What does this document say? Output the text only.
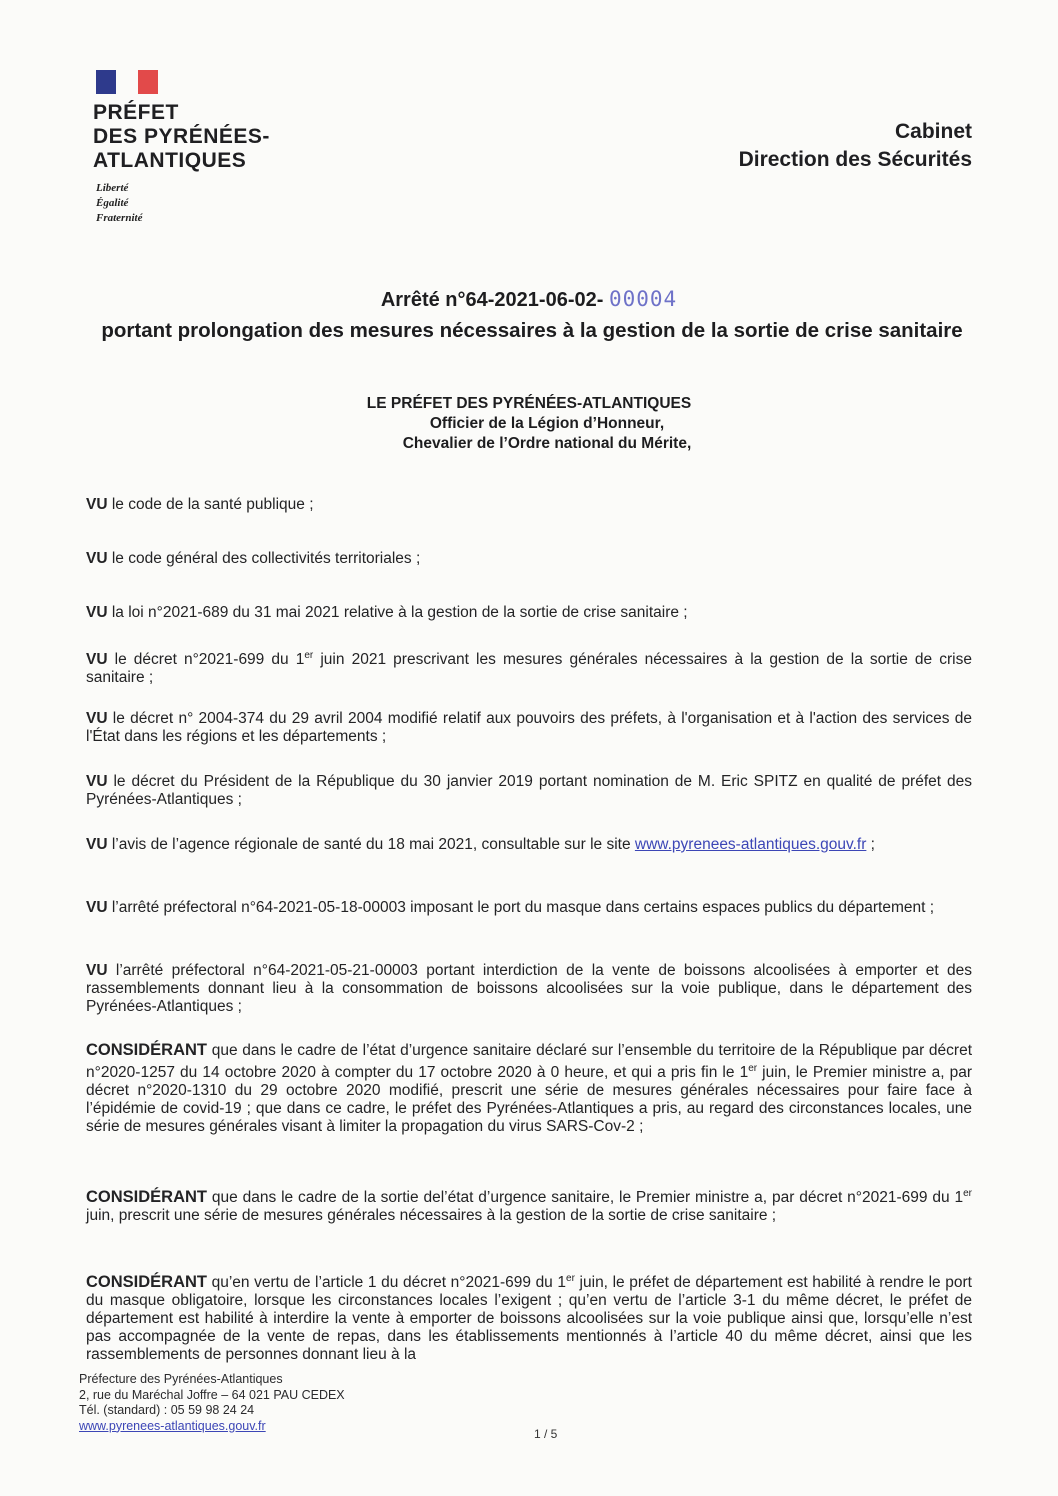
PRÉFET
DES PYRÉNÉES-
ATLANTIQUES
Liberté
Égalité
Fraternité
Cabinet
Direction des Sécurités
Arrêté n°64-2021-06-02- 00004
portant prolongation des mesures nécessaires à la gestion de la sortie de crise sanitaire
LE PRÉFET DES PYRÉNÉES-ATLANTIQUES
Officier de la Légion d’Honneur,
Chevalier de l’Ordre national du Mérite,
VU le code de la santé publique ;
VU le code général des collectivités territoriales ;
VU la loi n°2021-689 du 31 mai 2021 relative à la gestion de la sortie de crise sanitaire ;
VU le décret n°2021-699 du 1er juin 2021 prescrivant les mesures générales nécessaires à la gestion de la sortie de crise sanitaire ;
VU le décret n° 2004-374 du 29 avril 2004 modifié relatif aux pouvoirs des préfets, à l'organisation et à l'action des services de l'État dans les régions et les départements ;
VU le décret du Président de la République du 30 janvier 2019 portant nomination de M. Eric SPITZ en qualité de préfet des Pyrénées-Atlantiques ;
VU l’avis de l’agence régionale de santé du 18 mai 2021, consultable sur le site www.pyrenees-atlantiques.gouv.fr ;
VU l’arrêté préfectoral n°64-2021-05-18-00003 imposant le port du masque dans certains espaces publics du département ;
VU l’arrêté préfectoral n°64-2021-05-21-00003 portant interdiction de la vente de boissons alcoolisées à emporter et des rassemblements donnant lieu à la consommation de boissons alcoolisées sur la voie publique, dans le département des Pyrénées-Atlantiques ;
CONSIDÉRANT que dans le cadre de l’état d’urgence sanitaire déclaré sur l’ensemble du territoire de la République par décret n°2020-1257 du 14 octobre 2020 à compter du 17 octobre 2020 à 0 heure, et qui a pris fin le 1er juin, le Premier ministre a, par décret n°2020-1310 du 29 octobre 2020 modifié, prescrit une série de mesures générales nécessaires pour faire face à l’épidémie de covid-19 ; que dans ce cadre, le préfet des Pyrénées-Atlantiques a pris, au regard des circonstances locales, une série de mesures générales visant à limiter la propagation du virus SARS-Cov-2 ;
CONSIDÉRANT que dans le cadre de la sortie del’état d’urgence sanitaire, le Premier ministre a, par décret n°2021-699 du 1er juin, prescrit une série de mesures générales nécessaires à la gestion de la sortie de crise sanitaire ;
CONSIDÉRANT qu’en vertu de l’article 1 du décret n°2021-699 du 1er juin, le préfet de département est habilité à rendre le port du masque obligatoire, lorsque les circonstances locales l’exigent ; qu’en vertu de l’article 3-1 du même décret, le préfet de département est habilité à interdire la vente à emporter de boissons alcoolisées sur la voie publique ainsi que, lorsqu’elle n’est pas accompagnée de la vente de repas, dans les établissements mentionnés à l’article 40 du même décret, ainsi que les rassemblements de personnes donnant lieu à la
Préfecture des Pyrénées-Atlantiques
2, rue du Maréchal Joffre – 64 021 PAU CEDEX
Tél. (standard) : 05 59 98 24 24
www.pyrenees-atlantiques.gouv.fr
1 / 5
